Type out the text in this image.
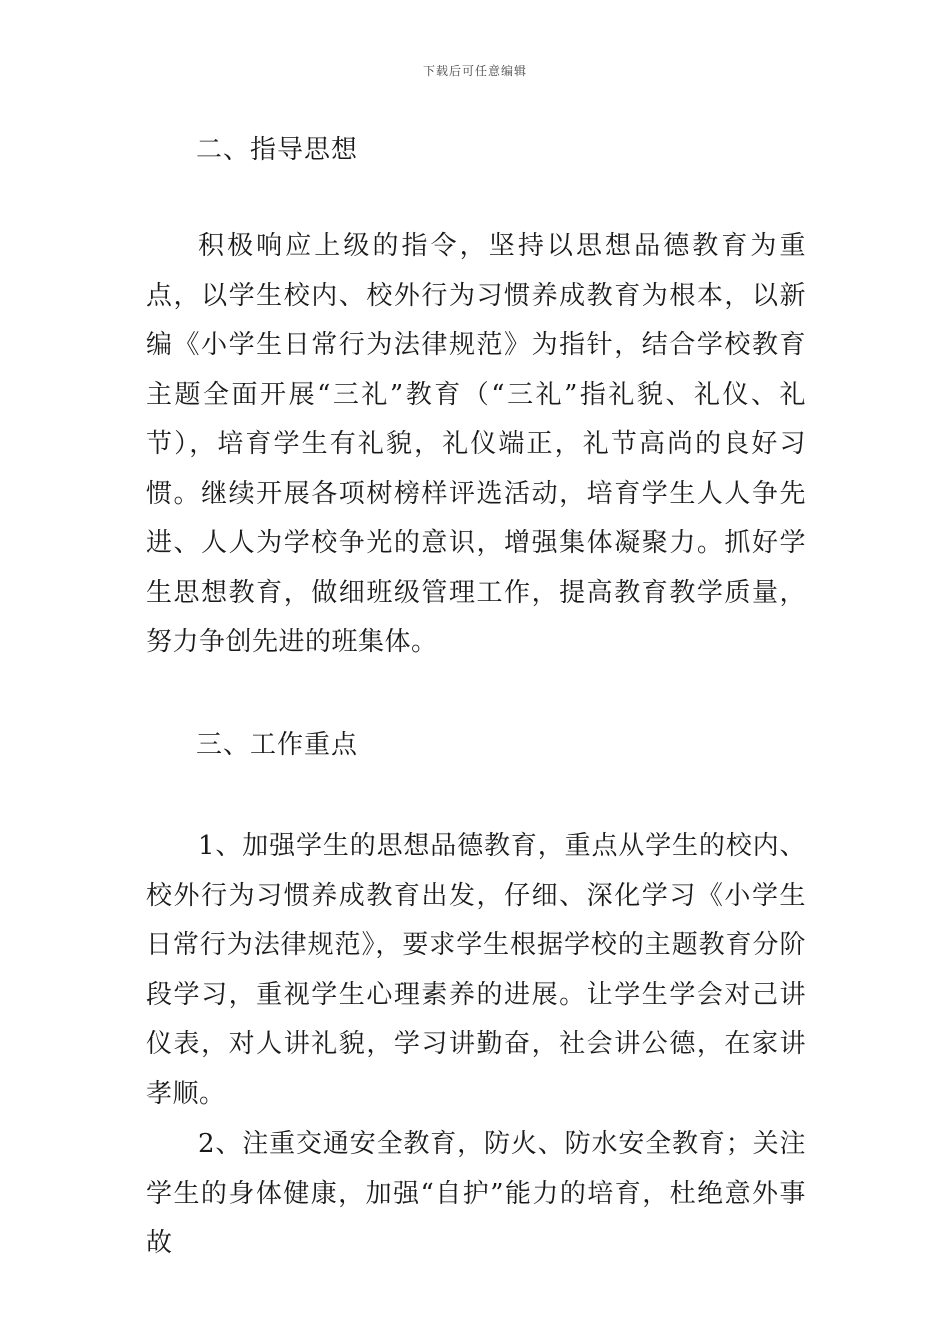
下载后可任意编辑
二、指导思想

积极响应上级的指令，坚持以思想品德教育为重点，以学生校内、校外行为习惯养成教育为根本，以新编《小学生日常行为法律规范》为指针，结合学校教育主题全面开展“三礼”教育（“三礼”指礼貌、礼仪、礼节），培育学生有礼貌，礼仪端正，礼节高尚的良好习惯。继续开展各项树榜样评选活动，培育学生人人争先进、人人为学校争光的意识，增强集体凝聚力。抓好学生思想教育，做细班级管理工作，提高教育教学质量，努力争创先进的班集体。

三、工作重点

1、加强学生的思想品德教育，重点从学生的校内、校外行为习惯养成教育出发，仔细、深化学习《小学生日常行为法律规范》，要求学生根据学校的主题教育分阶段学习，重视学生心理素养的进展。让学生学会对己讲仪表，对人讲礼貌，学习讲勤奋，社会讲公德，在家讲孝顺。

2、注重交通安全教育，防火、防水安全教育；关注学生的身体健康，加强“自护”能力的培育，杜绝意外事故
